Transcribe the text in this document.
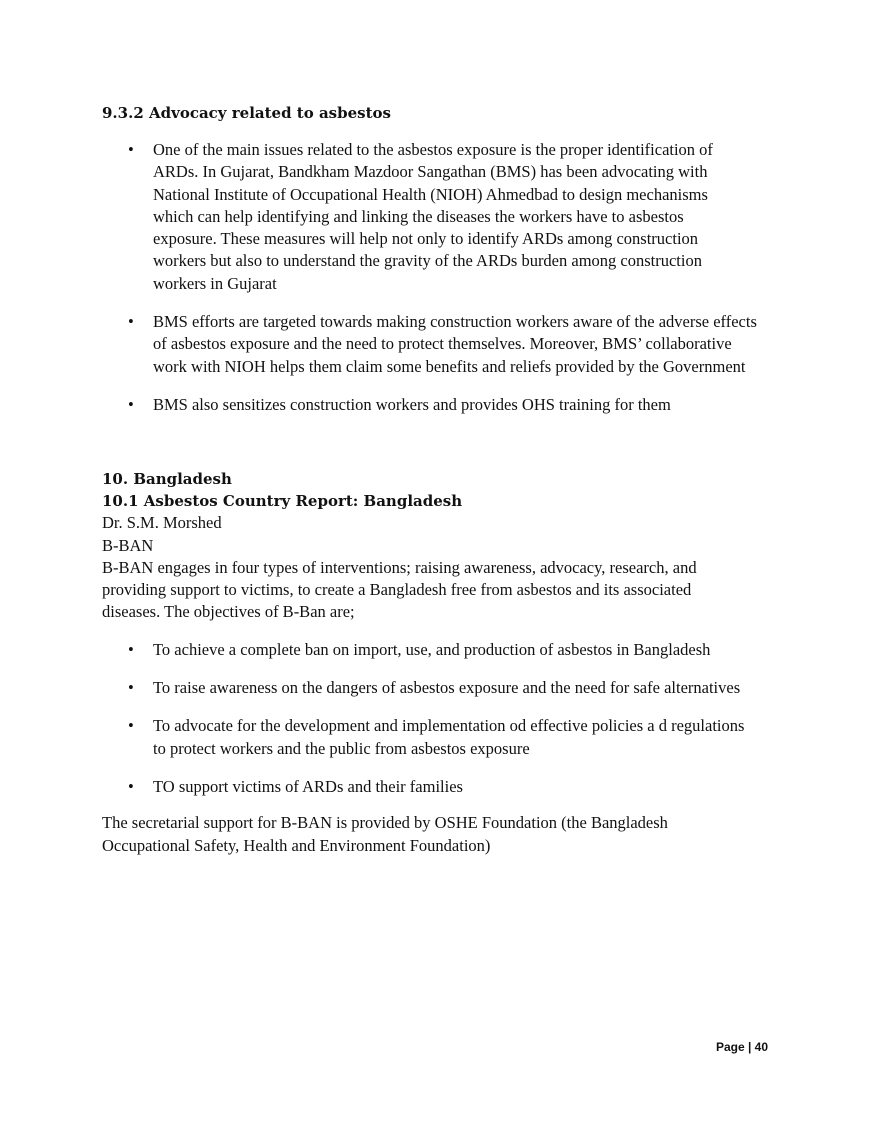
9.3.2 Advocacy related to asbestos
• One of the main issues related to the asbestos exposure is the proper identification of ARDs. In Gujarat, Bandkham Mazdoor Sangathan (BMS) has been advocating with National Institute of Occupational Health (NIOH) Ahmedbad to design mechanisms which can help identifying and linking the diseases the workers have to asbestos exposure. These measures will help not only to identify ARDs among construction workers but also to understand the gravity of the ARDs burden among construction workers in Gujarat
• BMS efforts are targeted towards making construction workers aware of the adverse effects of asbestos exposure and the need to protect themselves. Moreover, BMS’ collaborative work with NIOH helps them claim some benefits and reliefs provided by the Government
• BMS also sensitizes construction workers and provides OHS training for them
10. Bangladesh
10.1 Asbestos Country Report: Bangladesh

Dr. S.M. Morshed

B-BAN

B-BAN engages in four types of interventions; raising awareness, advocacy, research, and providing support to victims, to create a Bangladesh free from asbestos and its associated diseases. The objectives of B-Ban are;

• To achieve a complete ban on import, use, and production of asbestos in Bangladesh
• To raise awareness on the dangers of asbestos exposure and the need for safe alternatives
• To advocate for the development and implementation od effective policies a d regulations to protect workers and the public from asbestos exposure
• TO support victims of ARDs and their families

The secretarial support for B-BAN is provided by OSHE Foundation (the Bangladesh Occupational Safety, Health and Environment Foundation)

Page | 40
